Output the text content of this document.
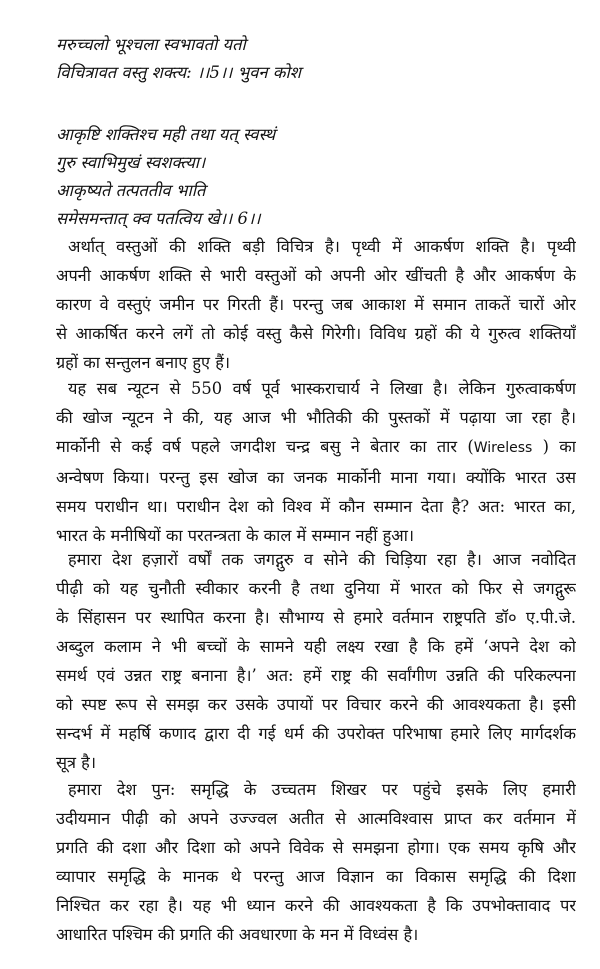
मरुच्चलो भूश्चला स्वभावतो यतो
विचित्रावत वस्तु शक्त्य: ।।5।। भुवन कोश
आकृष्टि शक्तिश्च मही तथा यत् स्वस्थं
गुरु स्वाभिमुखं स्वशक्त्या।
आकृष्यते तत्पततीव भाति
समेसमन्तात् क्व पतत्विय खे।। 6।।
अर्थात् वस्तुओं की शक्ति बड़ी विचित्र है। पृथ्वी में आकर्षण शक्ति है। पृथ्वी
अपनी आकर्षण शक्ति से भारी वस्तुओं को अपनी ओर खींचती है और आकर्षण के
कारण वे वस्तुएं जमीन पर गिरती हैं। परन्तु जब आकाश में समान ताकतें चारों ओर
से आकर्षित करने लगें तो कोई वस्तु कैसे गिरेगी। विविध ग्रहों की ये गुरुत्व शक्तियाँ
ग्रहों का सन्तुलन बनाए हुए हैं।
यह सब न्यूटन से 550 वर्ष पूर्व भास्कराचार्य ने लिखा है। लेकिन गुरुत्वाकर्षण
की खोज न्यूटन ने की, यह आज भी भौतिकी की पुस्तकों में पढ़ाया जा रहा है।
मार्कोनी से कई वर्ष पहले जगदीश चन्द्र बसु ने बेतार का तार (Wireless ) का
अन्वेषण किया। परन्तु इस खोज का जनक मार्कोनी माना गया। क्योंकि भारत उस
समय पराधीन था। पराधीन देश को विश्व में कौन सम्मान देता है? अत: भारत का,
भारत के मनीषियों का परतन्त्रता के काल में सम्मान नहीं हुआ।
हमारा देश हज़ारों वर्षों तक जगद्गुरु व सोने की चिड़िया रहा है। आज नवोदित
पीढ़ी को यह चुनौती स्वीकार करनी है तथा दुनिया में भारत को फिर से जगद्गुरू
के सिंहासन पर स्थापित करना है। सौभाग्य से हमारे वर्तमान राष्ट्रपति डॉ० ए.पी.जे.
अब्दुल कलाम ने भी बच्चों के सामने यही लक्ष्य रखा है कि हमें ‘अपने देश को
समर्थ एवं उन्नत राष्ट्र बनाना है।’ अत: हमें राष्ट्र की सर्वांगीण उन्नति की परिकल्पना
को स्पष्ट रूप से समझ कर उसके उपायों पर विचार करने की आवश्यकता है। इसी
सन्दर्भ में महर्षि कणाद द्वारा दी गई धर्म की उपरोक्त परिभाषा हमारे लिए मार्गदर्शक
सूत्र है।
हमारा देश पुन: समृद्धि के उच्चतम शिखर पर पहुंचे इसके लिए हमारी
उदीयमान पीढ़ी को अपने उज्ज्वल अतीत से आत्मविश्वास प्राप्त कर वर्तमान में
प्रगति की दशा और दिशा को अपने विवेक से समझना होगा। एक समय कृषि और
व्यापार समृद्धि के मानक थे परन्तु आज विज्ञान का विकास समृद्धि की दिशा
निश्चित कर रहा है। यह भी ध्यान करने की आवश्यकता है कि उपभोक्तावाद पर
आधारित पश्चिम की प्रगति की अवधारणा के मन में विध्वंस है।
